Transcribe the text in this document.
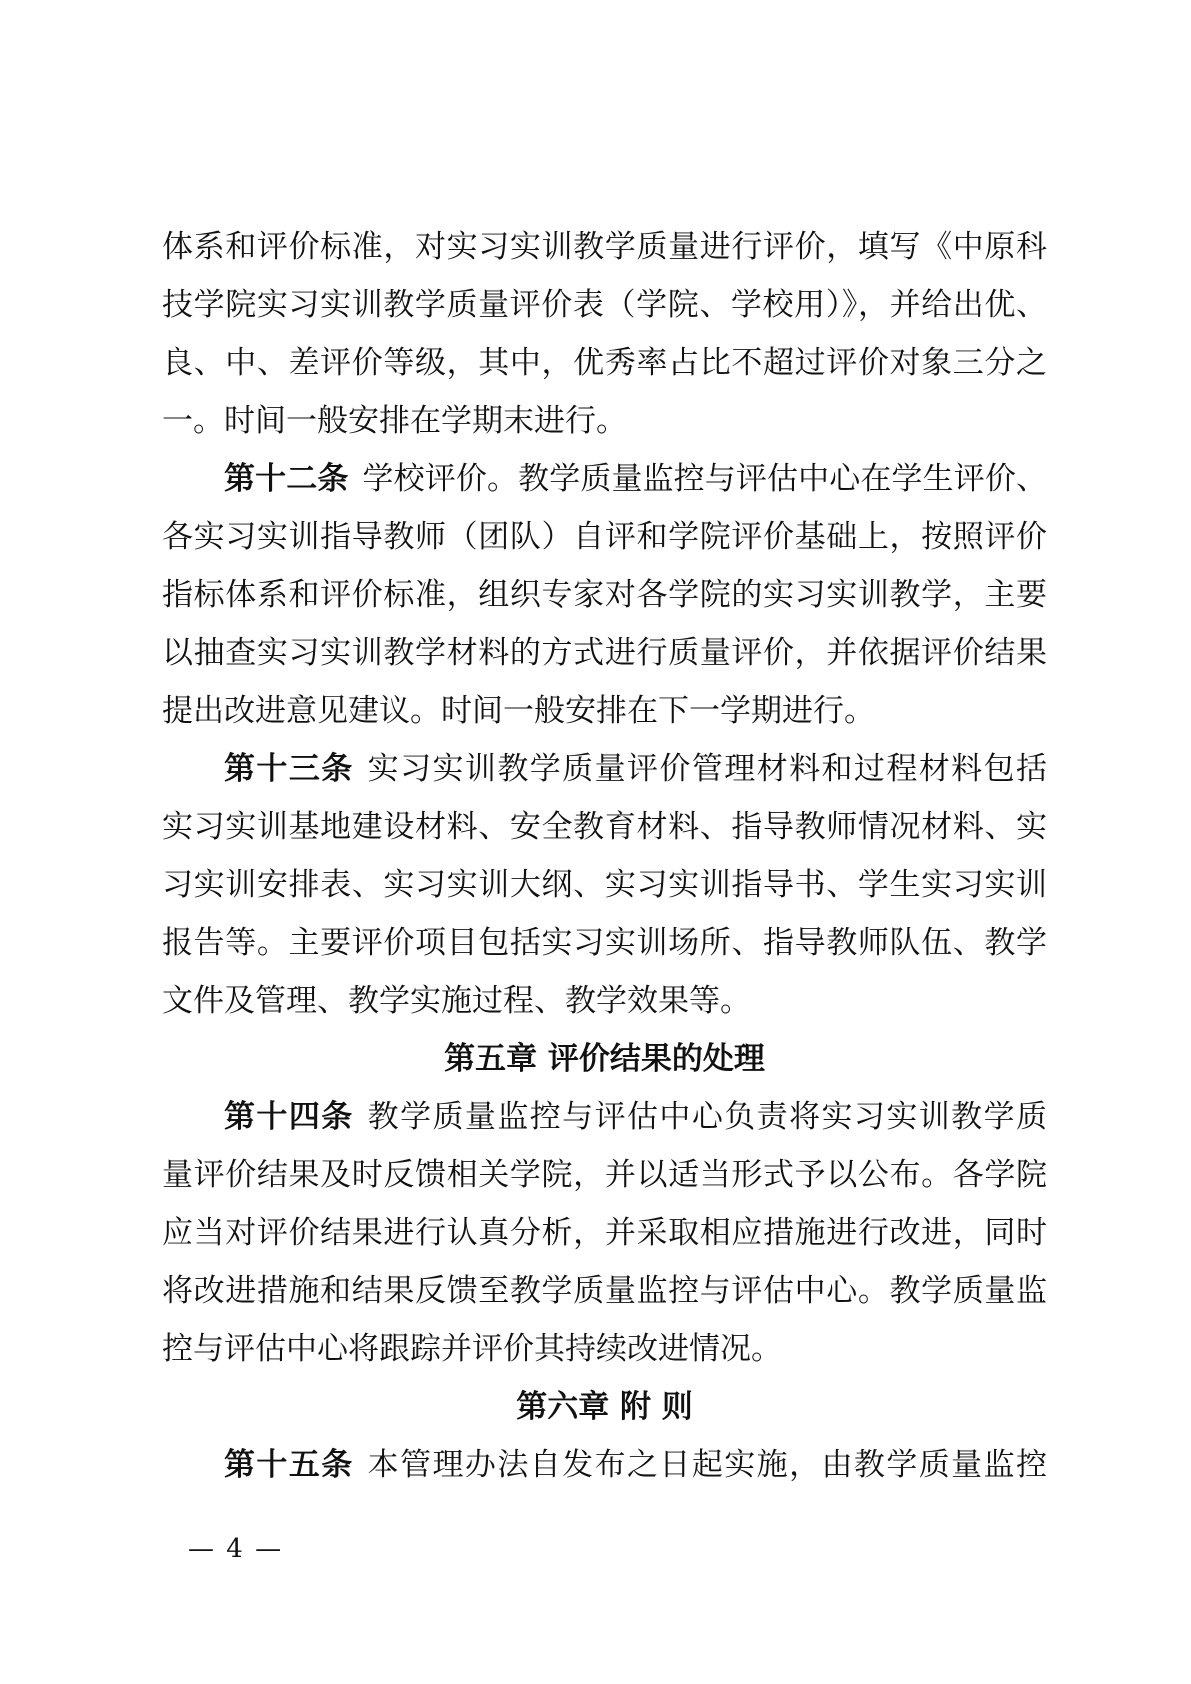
体系和评价标准，对实习实训教学质量进行评价，填写《中原科
技学院实习实训教学质量评价表（学院、学校用）》，并给出优、
良、中、差评价等级，其中，优秀率占比不超过评价对象三分之
一。时间一般安排在学期末进行。
第十二条 学校评价。教学质量监控与评估中心在学生评价、
各实习实训指导教师（团队）自评和学院评价基础上，按照评价
指标体系和评价标准，组织专家对各学院的实习实训教学，主要
以抽查实习实训教学材料的方式进行质量评价，并依据评价结果
提出改进意见建议。时间一般安排在下一学期进行。
第十三条 实习实训教学质量评价管理材料和过程材料包括
实习实训基地建设材料、安全教育材料、指导教师情况材料、实
习实训安排表、实习实训大纲、实习实训指导书、学生实习实训
报告等。主要评价项目包括实习实训场所、指导教师队伍、教学
文件及管理、教学实施过程、教学效果等。
第五章 评价结果的处理
第十四条 教学质量监控与评估中心负责将实习实训教学质
量评价结果及时反馈相关学院，并以适当形式予以公布。各学院
应当对评价结果进行认真分析，并采取相应措施进行改进，同时
将改进措施和结果反馈至教学质量监控与评估中心。教学质量监
控与评估中心将跟踪并评价其持续改进情况。
第六章 附 则
第十五条 本管理办法自发布之日起实施，由教学质量监控
— 4 —
